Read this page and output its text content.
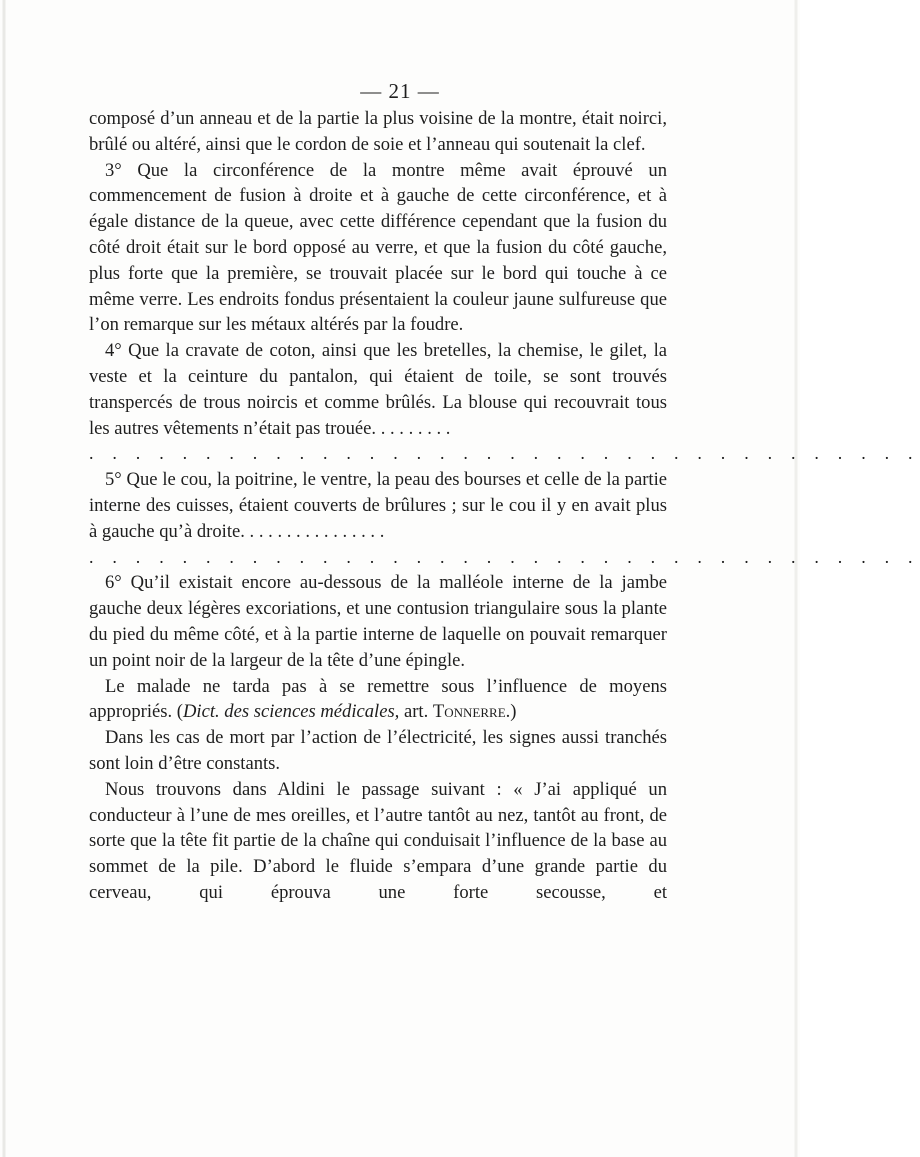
— 21 —

composé d’un anneau et de la partie la plus voisine de la montre, était noirci, brûlé ou altéré, ainsi que le cordon de soie et l’anneau qui soutenait la clef.

3° Que la circonférence de la montre même avait éprouvé un commencement de fusion à droite et à gauche de cette circonférence, et à égale distance de la queue, avec cette différence cependant que la fusion du côté droit était sur le bord opposé au verre, et que la fusion du côté gauche, plus forte que la première, se trouvait placée sur le bord qui touche à ce même verre. Les endroits fondus présentaient la couleur jaune sulfureuse que l’on remarque sur les métaux altérés par la foudre.

4° Que la cravate de coton, ainsi que les bretelles, la chemise, le gilet, la veste et la ceinture du pantalon, qui étaient de toile, se sont trouvés transpercés de trous noircis et comme brûlés. La blouse qui recouvrait tous les autres vêtements n’était pas trouée. . . . . . . . .

. . . . . . . . . . . . . . . . . . . . . . . . . . . . . . . . . . . .

5° Que le cou, la poitrine, le ventre, la peau des bourses et celle de la partie interne des cuisses, étaient couverts de brûlures ; sur le cou il y en avait plus à gauche qu’à droite. . . . . . . . . . . . . . . .

. . . . . . . . . . . . . . . . . . . . . . . . . . . . . . . . . . . .

6° Qu’il existait encore au-dessous de la malléole interne de la jambe gauche deux légères excoriations, et une contusion triangulaire sous la plante du pied du même côté, et à la partie interne de laquelle on pouvait remarquer un point noir de la largeur de la tête d’une épingle.

Le malade ne tarda pas à se remettre sous l’influence de moyens appropriés. (Dict. des sciences médicales, art. Tonnerre.)

Dans les cas de mort par l’action de l’électricité, les signes aussi tranchés sont loin d’être constants.

Nous trouvons dans Aldini le passage suivant : « J’ai appliqué un conducteur à l’une de mes oreilles, et l’autre tantôt au nez, tantôt au front, de sorte que la tête fit partie de la chaîne qui conduisait l’influence de la base au sommet de la pile. D’abord le fluide s’empara d’une grande partie du cerveau, qui éprouva une forte secousse, et
